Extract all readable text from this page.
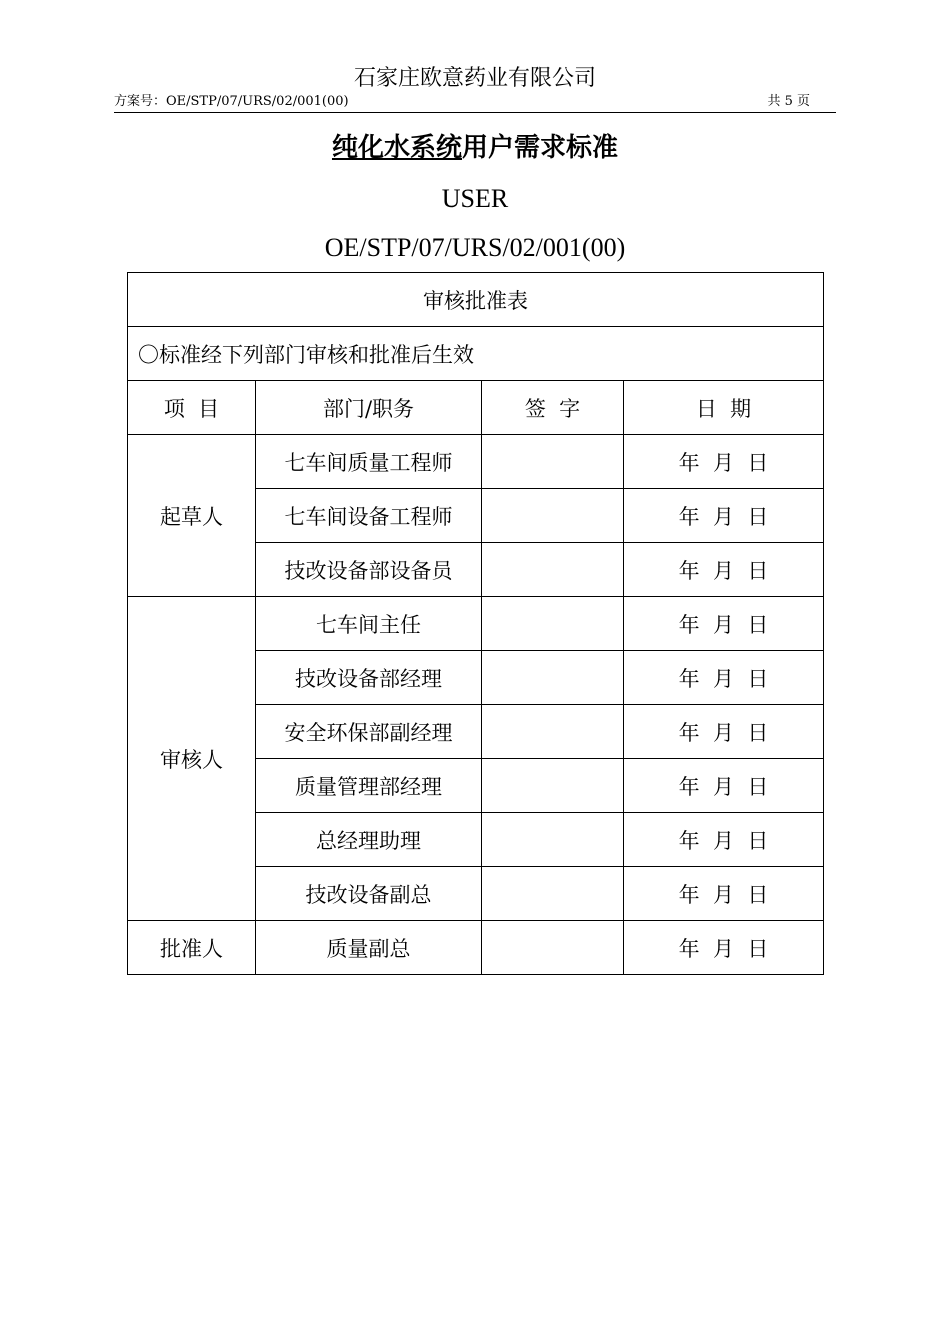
石家庄欧意药业有限公司
方案号：OE/STP/07/URS/02/001(00)	共 5 页
纯化水系统用户需求标准
USER
OE/STP/07/URS/02/001(00)
审核批准表			
〇标准经下列部门审核和批准后生效			
项  目	部门/职务	签  字	日  期
起草人	七车间质量工程师		年  月  日
	七车间设备工程师		年  月  日
	技改设备部设备员		年  月  日
审核人	七车间主任		年  月  日
	技改设备部经理		年  月  日
	安全环保部副经理		年  月  日
	质量管理部经理		年  月  日
	总经理助理		年  月  日
	技改设备副总		年  月  日
批准人	质量副总		年  月  日
